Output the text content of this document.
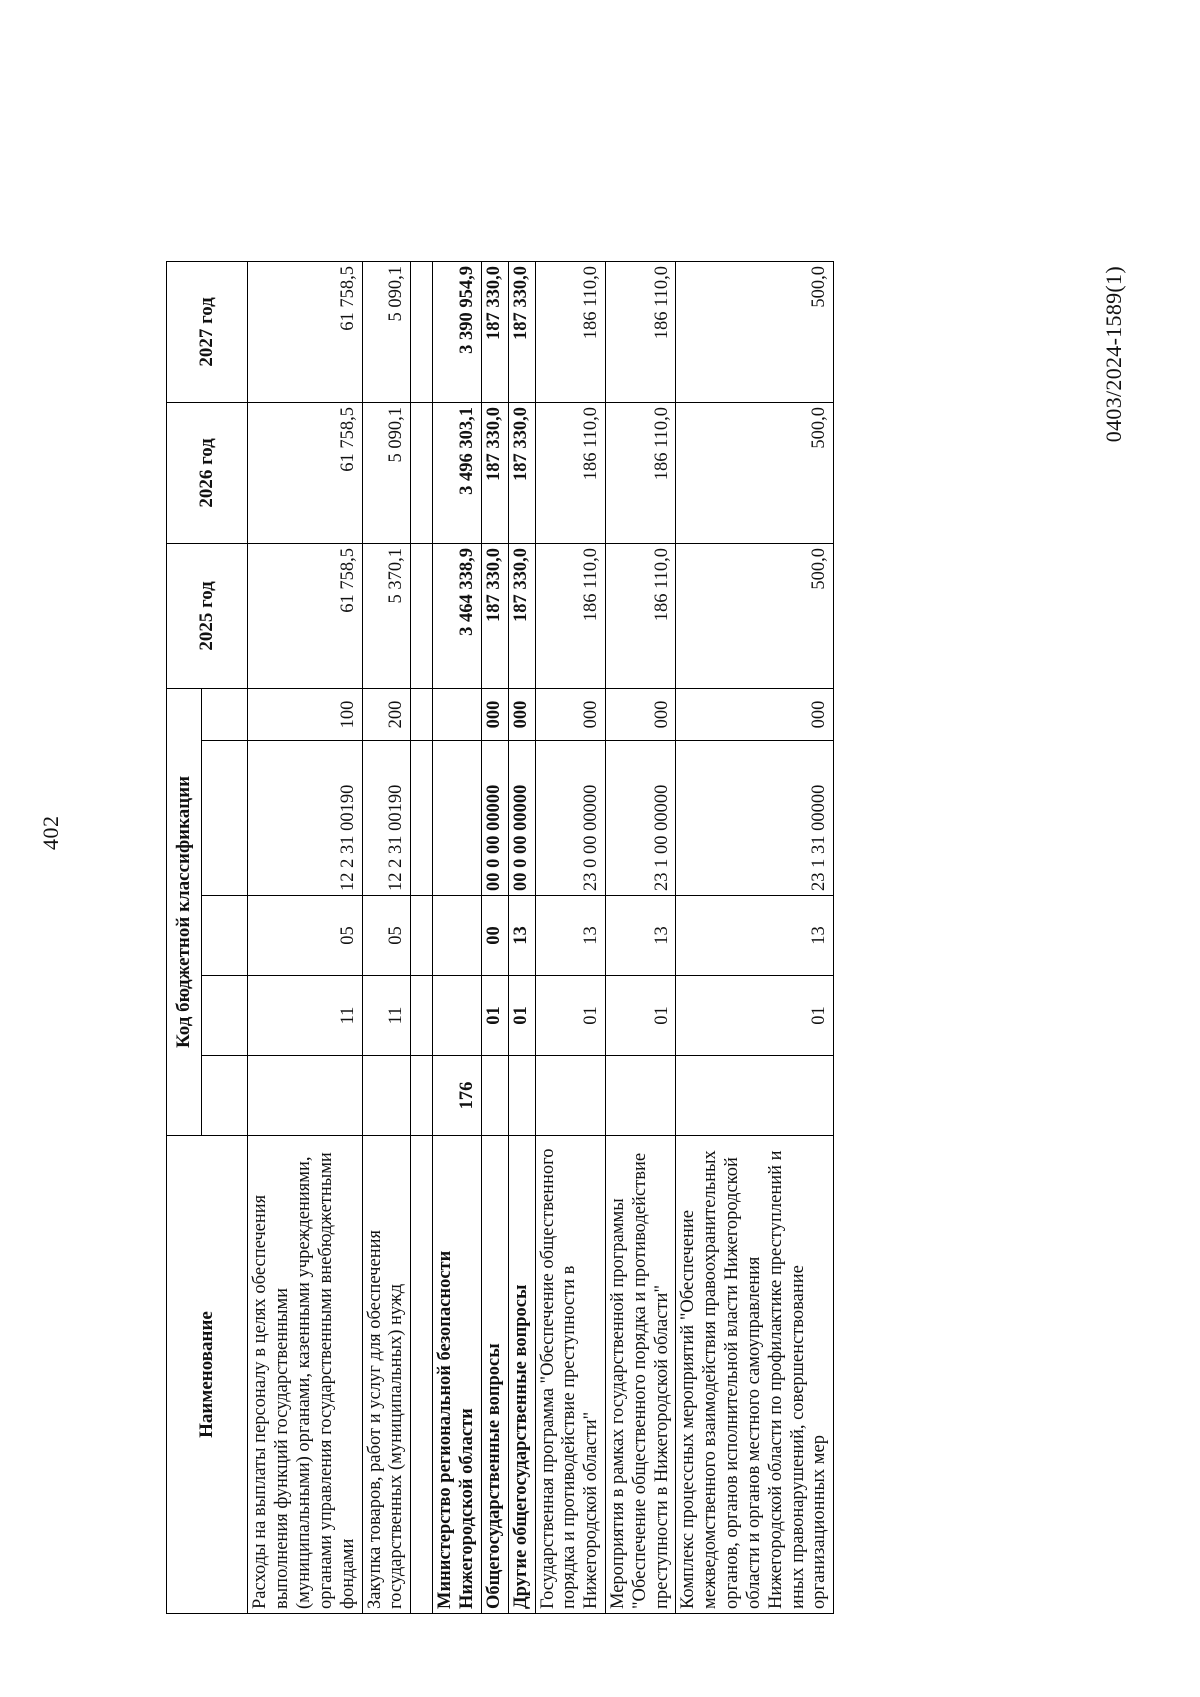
402
Наименование	Код бюджетной классификации					2025 год	2026 год	2027 год

Расходы на выплаты персоналу в целях обеспечения выполнения функций государственными (муниципальными) органами, казенными учреждениями, органами управления государственными внебюджетными фондами		11	05	12 2 31 00190	100	61 758,5	61 758,5	61 758,5
Закупка товаров, работ и услуг для обеспечения государственных (муниципальных) нужд		11	05	12 2 31 00190	200	5 370,1	5 090,1	5 090,1

Министерство региональной безопасности Нижегородской области	176					3 464 338,9	3 496 303,1	3 390 954,9
Общегосударственные вопросы		01	00	00 0 00 00000	000	187 330,0	187 330,0	187 330,0
Другие общегосударственные вопросы		01	13	00 0 00 00000	000	187 330,0	187 330,0	187 330,0
Государственная программа "Обеспечение общественного порядка и противодействие преступности в Нижегородской области"		01	13	23 0 00 00000	000	186 110,0	186 110,0	186 110,0
Мероприятия в рамках государственной программы "Обеспечение общественного порядка и противодействие преступности в Нижегородской области"		01	13	23 1 00 00000	000	186 110,0	186 110,0	186 110,0
Комплекс процессных мероприятий "Обеспечение межведомственного взаимодействия правоохранительных органов, органов исполнительной власти Нижегородской области и органов местного самоуправления Нижегородской области по профилактике преступлений и иных правонарушений, совершенствование организационных мер		01	13	23 1 31 00000	000	500,0	500,0	500,0	0403/2024-1589(1)
